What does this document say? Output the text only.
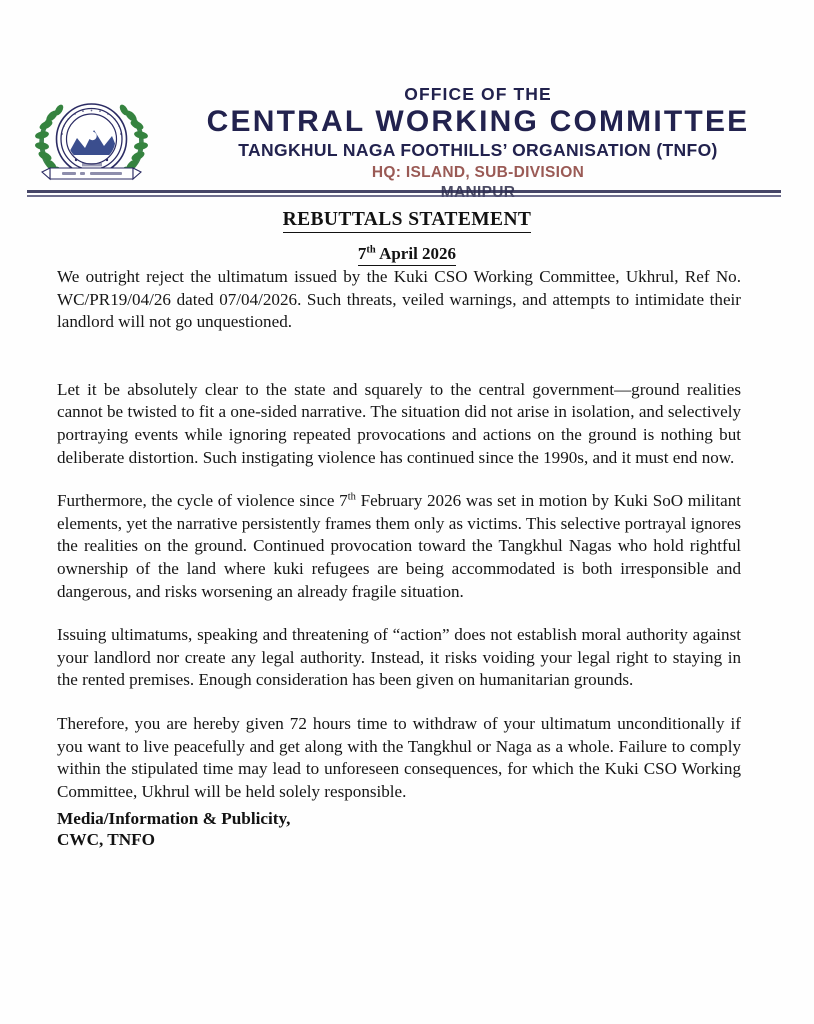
OFFICE OF THE
CENTRAL WORKING COMMITTEE
TANGKHUL NAGA FOOTHILLS’ ORGANISATION (TNFO)
HQ: ISLAND, SUB-DIVISION
REBUTTALS STATEMENT
7th April 2026

We outright reject the ultimatum issued by the Kuki CSO Working Committee, Ukhrul, Ref No. WC/PR19/04/26 dated 07/04/2026. Such threats, veiled warnings, and attempts to intimidate their landlord will not go unquestioned.

Let it be absolutely clear to the state and squarely to the central government—ground realities cannot be twisted to fit a one-sided narrative. The situation did not arise in isolation, and selectively portraying events while ignoring repeated provocations and actions on the ground is nothing but deliberate distortion. Such instigating violence has continued since the 1990s, and it must end now.

Furthermore, the cycle of violence since 7th February 2026 was set in motion by Kuki SoO militant elements, yet the narrative persistently frames them only as victims. This selective portrayal ignores the realities on the ground. Continued provocation toward the Tangkhul Nagas who hold rightful ownership of the land where kuki refugees are being accommodated is both irresponsible and dangerous, and risks worsening an already fragile situation.

Issuing ultimatums, speaking and threatening of “action” does not establish moral authority against your landlord nor create any legal authority. Instead, it risks voiding your legal right to staying in the rented premises. Enough consideration has been given on humanitarian grounds.

Therefore, you are hereby given 72 hours time to withdraw of your ultimatum unconditionally if you want to live peacefully and get along with the Tangkhul or Naga as a whole. Failure to comply within the stipulated time may lead to unforeseen consequences, for which the Kuki CSO Working Committee, Ukhrul will be held solely responsible.

Media/Information & Publicity,
CWC, TNFO
